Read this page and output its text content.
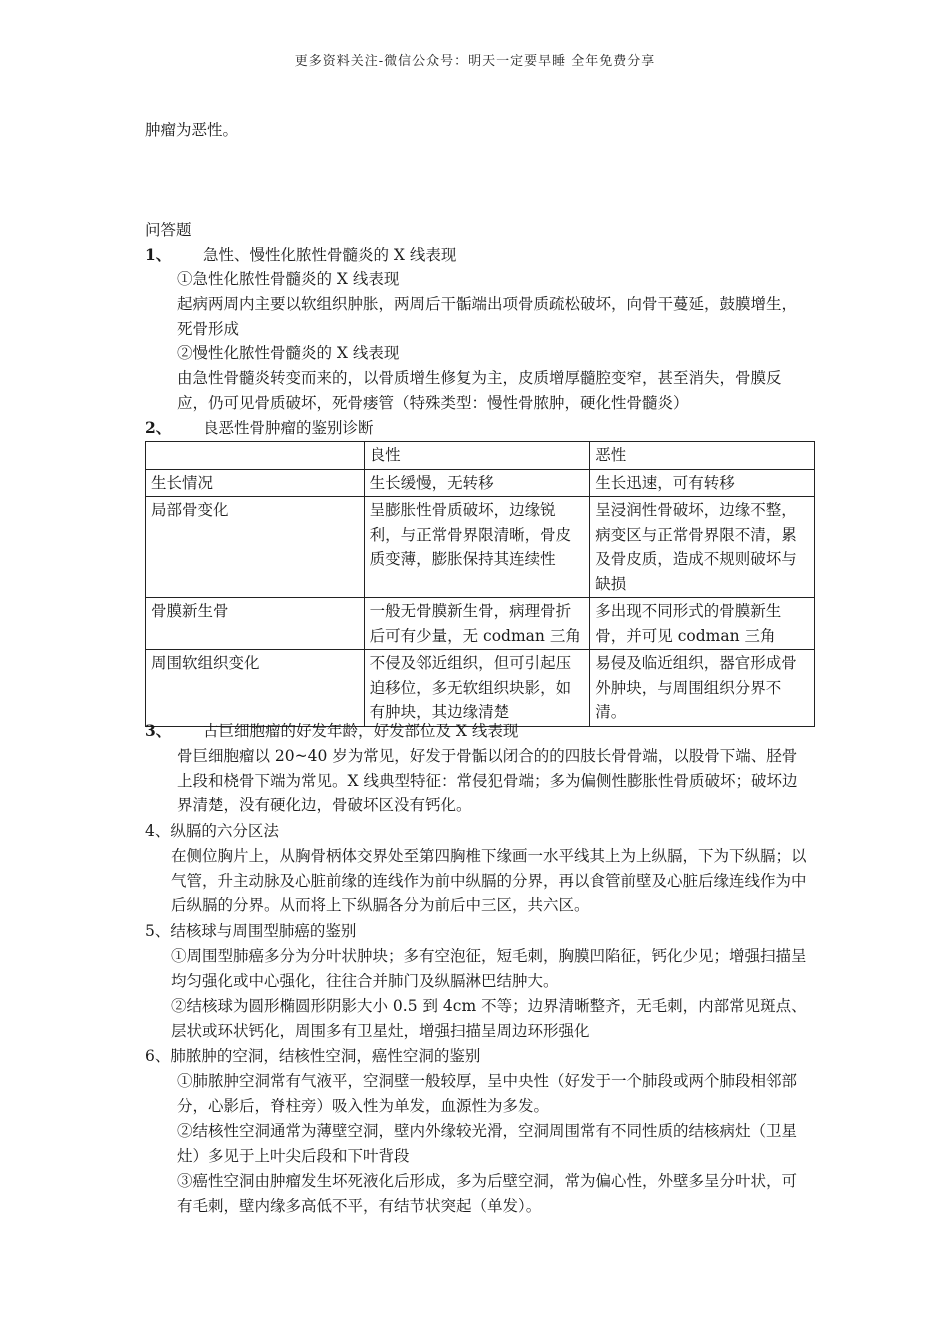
更多资料关注-微信公众号：明天一定要早睡 全年免费分享
肿瘤为恶性。
问答题
1、 急性、慢性化脓性骨髓炎的 X 线表现
①急性化脓性骨髓炎的 X 线表现
起病两周内主要以软组织肿胀，两周后干骺端出项骨质疏松破坏，向骨干蔓延，鼓膜增生，死骨形成
②慢性化脓性骨髓炎的 X 线表现
由急性骨髓炎转变而来的，以骨质增生修复为主，皮质增厚髓腔变窄，甚至消失，骨膜反应，仍可见骨质破坏，死骨瘘管（特殊类型：慢性骨脓肿，硬化性骨髓炎）
2、 良恶性骨肿瘤的鉴别诊断
	良性	恶性
生长情况	生长缓慢，无转移	生长迅速，可有转移
局部骨变化	呈膨胀性骨质破坏，边缘锐利，与正常骨界限清晰，骨皮质变薄，膨胀保持其连续性	呈浸润性骨破坏，边缘不整，病变区与正常骨界限不清，累及骨皮质，造成不规则破坏与缺损
骨膜新生骨	一般无骨膜新生骨，病理骨折后可有少量，无 codman 三角	多出现不同形式的骨膜新生骨，并可见 codman 三角
周围软组织变化	不侵及邻近组织，但可引起压迫移位，多无软组织块影，如有肿块，其边缘清楚	易侵及临近组织，器官形成骨外肿块，与周围组织分界不清。
3、 古巨细胞瘤的好发年龄，好发部位及 X 线表现
骨巨细胞瘤以 20~40 岁为常见，好发于骨骺以闭合的的四肢长骨骨端，以股骨下端、胫骨上段和桡骨下端为常见。X 线典型特征：常侵犯骨端；多为偏侧性膨胀性骨质破坏；破坏边界清楚，没有硬化边，骨破坏区没有钙化。
4、纵膈的六分区法
在侧位胸片上，从胸骨柄体交界处至第四胸椎下缘画一水平线其上为上纵膈，下为下纵膈；以气管，升主动脉及心脏前缘的连线作为前中纵膈的分界，再以食管前壁及心脏后缘连线作为中后纵膈的分界。从而将上下纵膈各分为前后中三区，共六区。
5、结核球与周围型肺癌的鉴别
①周围型肺癌多分为分叶状肿块；多有空泡征，短毛刺，胸膜凹陷征，钙化少见；增强扫描呈均匀强化或中心强化，往往合并肺门及纵膈淋巴结肿大。
②结核球为圆形椭圆形阴影大小 0.5 到 4cm 不等；边界清晰整齐，无毛刺，内部常见斑点、层状或环状钙化，周围多有卫星灶，增强扫描呈周边环形强化
6、肺脓肿的空洞，结核性空洞，癌性空洞的鉴别
①肺脓肿空洞常有气液平，空洞壁一般较厚，呈中央性（好发于一个肺段或两个肺段相邻部分，心影后，脊柱旁）吸入性为单发，血源性为多发。
②结核性空洞通常为薄壁空洞，壁内外缘较光滑，空洞周围常有不同性质的结核病灶（卫星灶）多见于上叶尖后段和下叶背段
③癌性空洞由肿瘤发生坏死液化后形成，多为后壁空洞，常为偏心性，外壁多呈分叶状，可有毛刺，壁内缘多高低不平，有结节状突起（单发）。
